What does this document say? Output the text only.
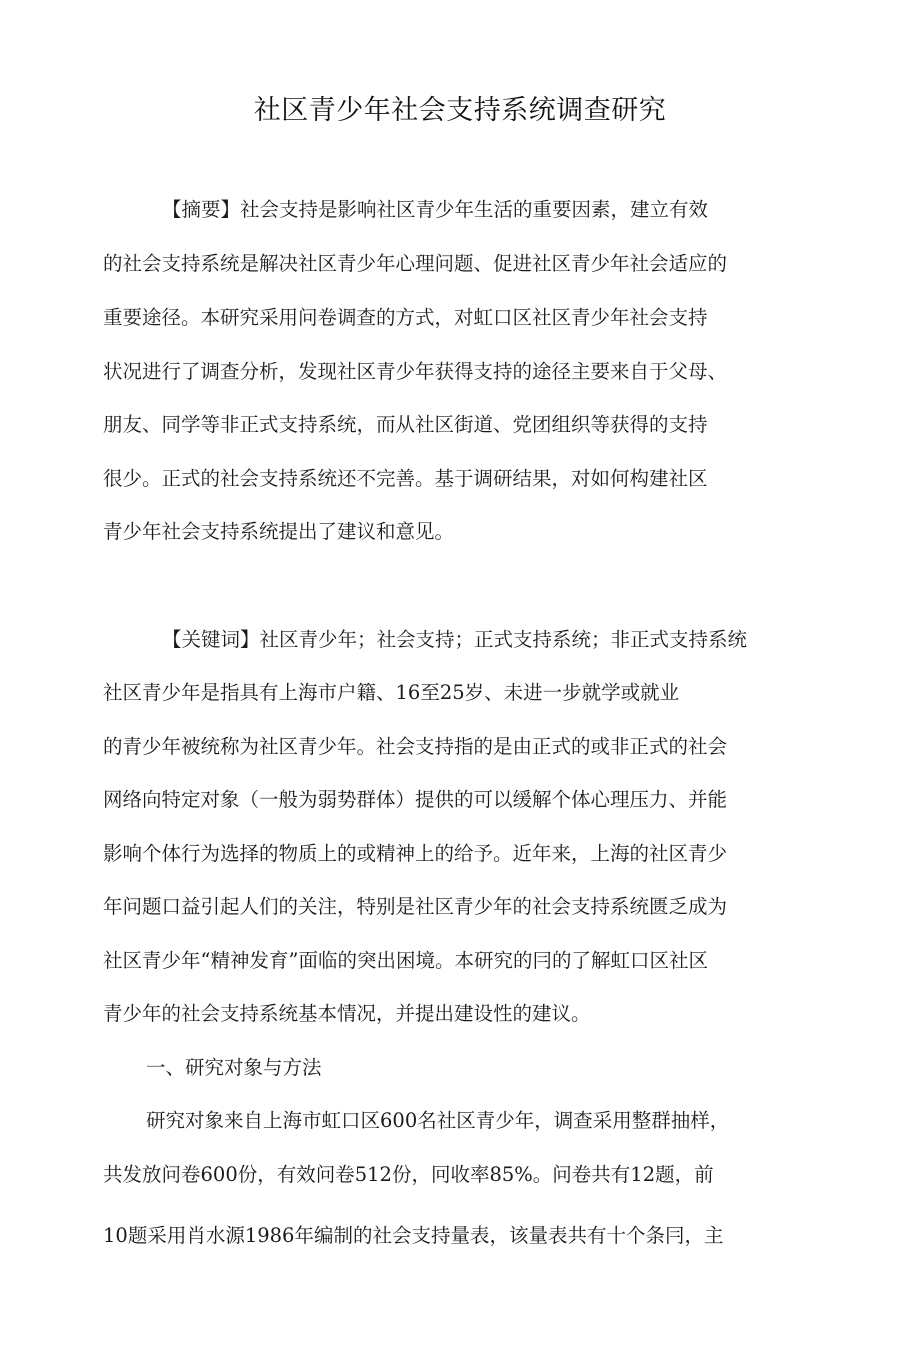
社区青少年社会支持系统调查研究
【摘要】社会支持是影响社区青少年生活的重要因素，建立有效
的社会支持系统是解决社区青少年心理问题、促进社区青少年社会适应的
重要途径。本研究采用问卷调查的方式，对虹口区社区青少年社会支持
状况进行了调查分析，发现社区青少年获得支持的途径主要来自于父母、
朋友、同学等非正式支持系统，而从社区街道、党团组织等获得的支持
很少。正式的社会支持系统还不完善。基于调研结果，对如何构建社区
青少年社会支持系统提出了建议和意见。
【关键词】社区青少年；社会支持；正式支持系统；非正式支持系统
社区青少年是指具有上海市户籍、16至25岁、未进一步就学或就业
的青少年被统称为社区青少年。社会支持指的是由正式的或非正式的社会
网络向特定对象（一般为弱势群体）提供的可以缓解个体心理压力、并能
影响个体行为选择的物质上的或精神上的给予。近年来，上海的社区青少
年问题口益引起人们的关注，特别是社区青少年的社会支持系统匮乏成为
社区青少年“精神发育”面临的突出困境。本研究的冃的了解虹口区社区
青少年的社会支持系统基本情况，并提出建设性的建议。
一、研究对象与方法
研究对象来自上海市虹口区600名社区青少年，调查采用整群抽样，
共发放问卷600份，有效问卷512份，冋收率85%。问卷共有12题，前
10题采用肖水源1986年编制的社会支持量表，该量表共有十个条冃，主
